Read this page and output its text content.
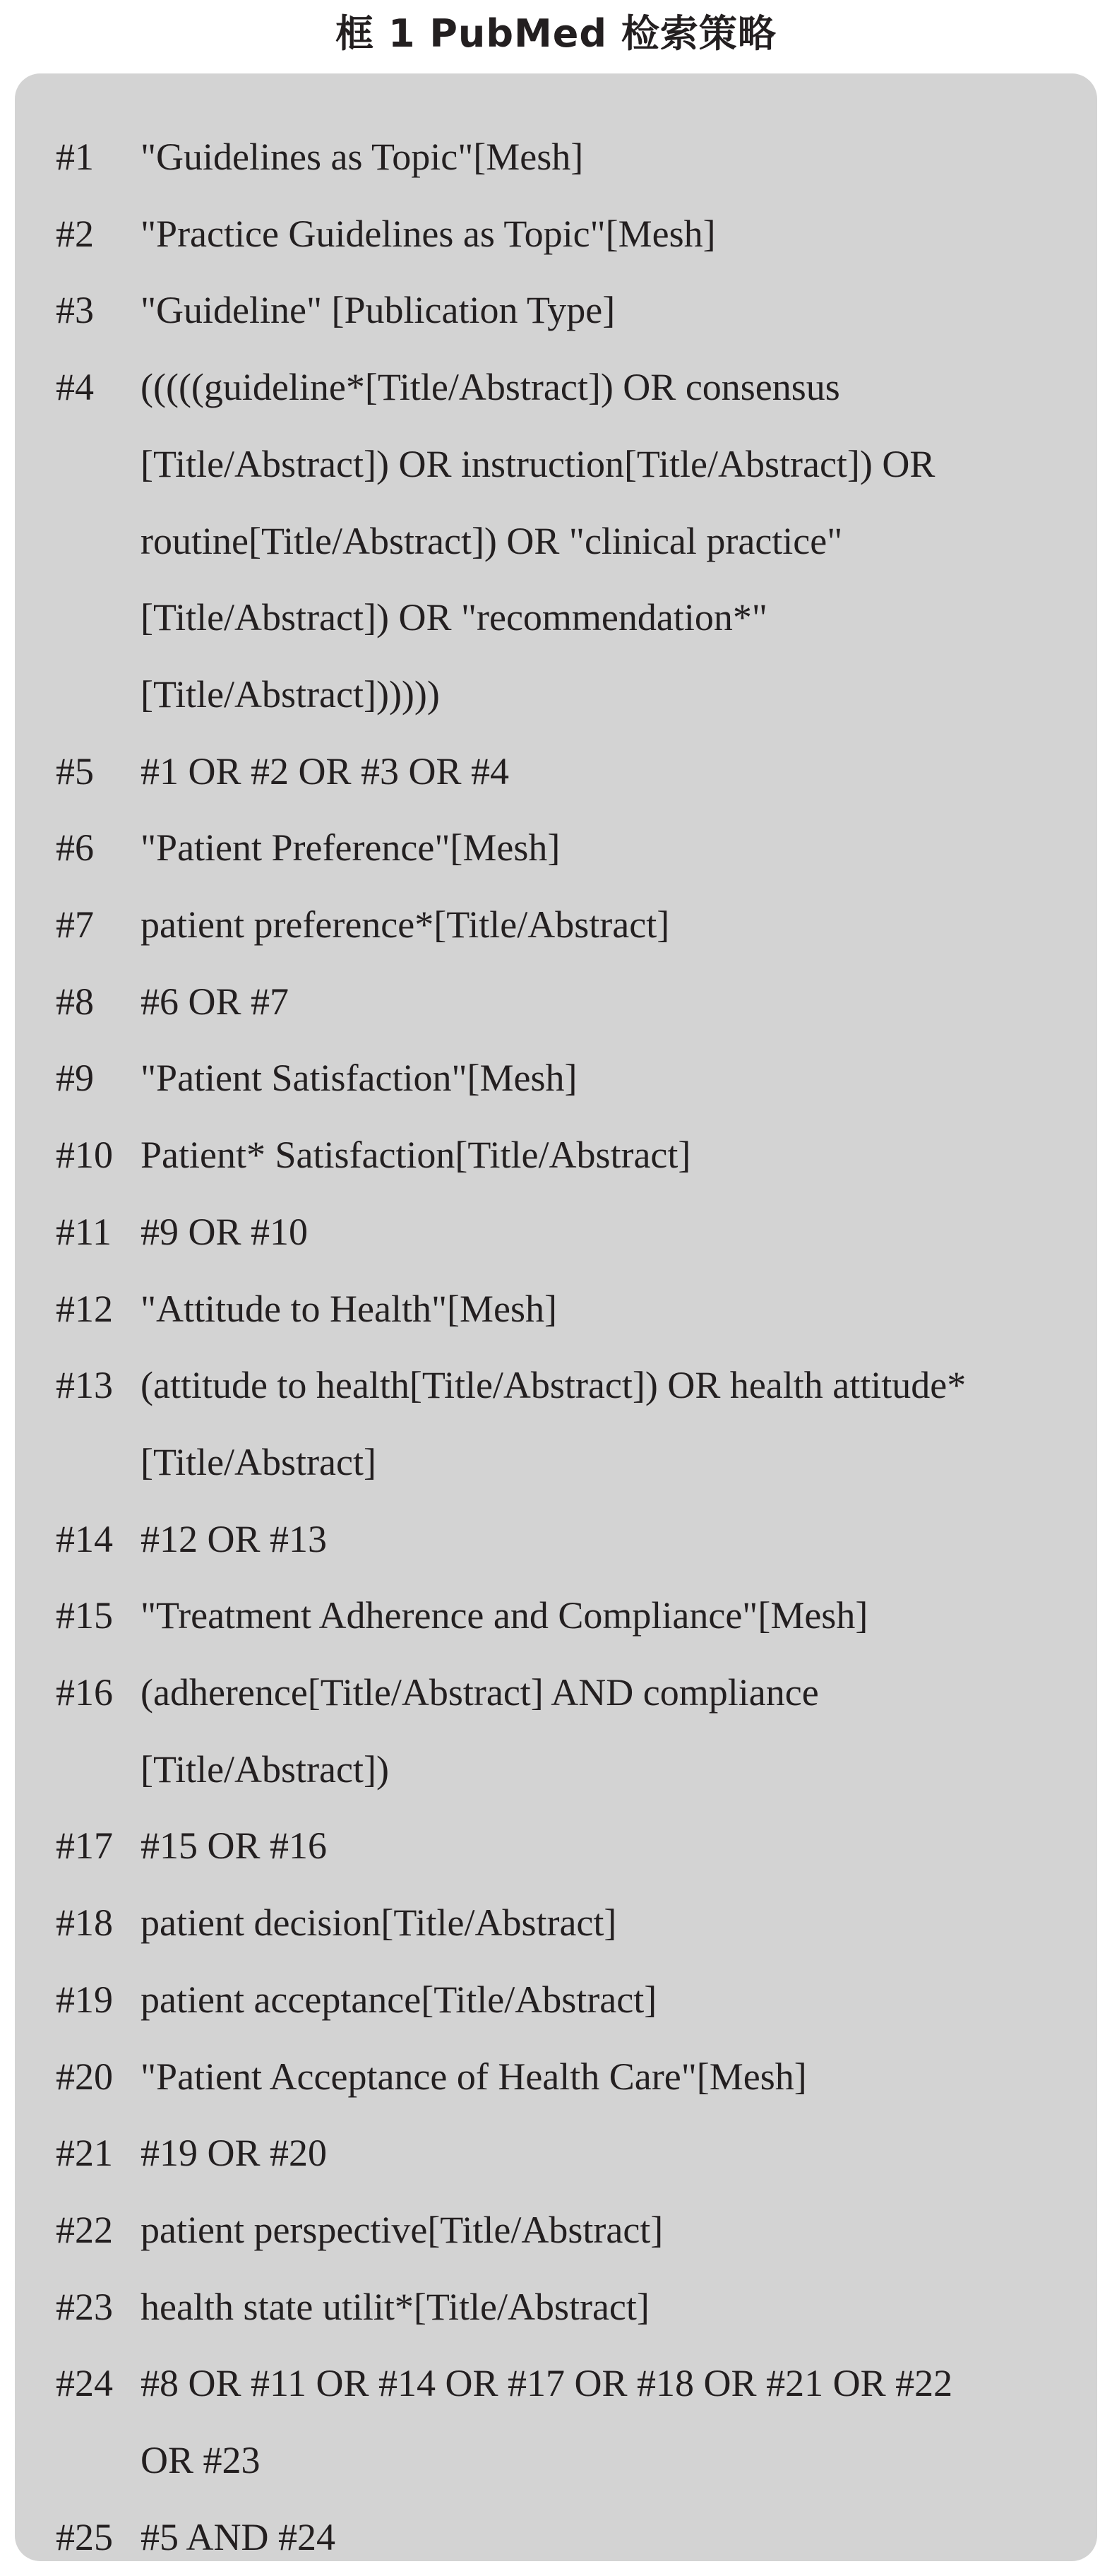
框 1 PubMed 检索策略
#1	"Guidelines as Topic"[Mesh]
#2	"Practice Guidelines as Topic"[Mesh]
#3	"Guideline" [Publication Type]
#4	(((((guideline*[Title/Abstract]) OR consensus
[Title/Abstract]) OR instruction[Title/Abstract]) OR
routine[Title/Abstract]) OR "clinical practice"
[Title/Abstract]) OR "recommendation*"
[Title/Abstract])))))
#5	#1 OR #2 OR #3 OR #4
#6	"Patient Preference"[Mesh]
#7	patient preference*[Title/Abstract]
#8	#6 OR #7
#9	"Patient Satisfaction"[Mesh]
#10 Patient* Satisfaction[Title/Abstract]
#11 #9 OR #10
#12 "Attitude to Health"[Mesh]
#13 (attitude to health[Title/Abstract]) OR health attitude*
[Title/Abstract]
#14 #12 OR #13
#15 "Treatment Adherence and Compliance"[Mesh]
#16 (adherence[Title/Abstract] AND compliance
[Title/Abstract])
#17 #15 OR #16
#18 patient decision[Title/Abstract]
#19 patient acceptance[Title/Abstract]
#20 "Patient Acceptance of Health Care"[Mesh]
#21 #19 OR #20
#22 patient perspective[Title/Abstract]
#23 health state utilit*[Title/Abstract]
#24 #8 OR #11 OR #14 OR #17 OR #18 OR #21 OR #22
OR #23
#25 #5 AND #24
